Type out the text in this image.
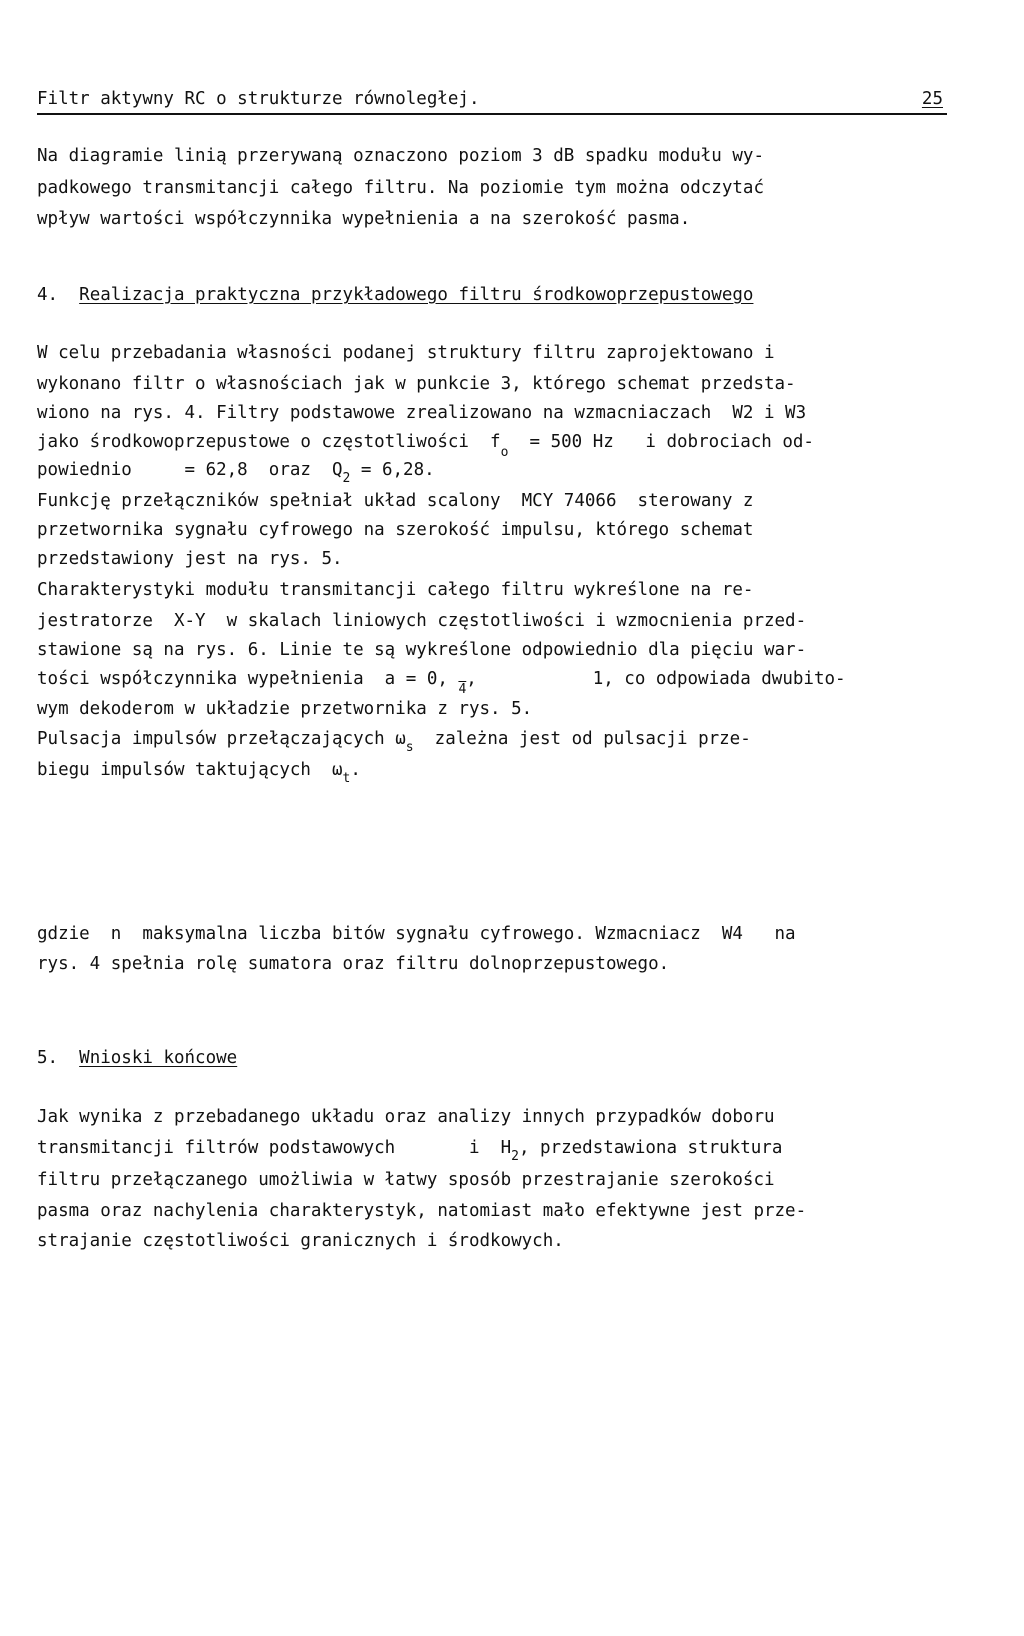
Filtr aktywny RC o strukturze równoległej.	25
Na diagramie linią przerywaną oznaczono poziom 3 dB spadku modułu wy-
padkowego transmitancji całego filtru. Na poziomie tym można odczytać
wpływ wartości współczynnika wypełnienia a na szerokość pasma.
4. Realizacja praktyczna przykładowego filtru środkowoprzepustowego
W celu przebadania własności podanej struktury filtru zaprojektowano i
wykonano filtr o własnościach jak w punkcie 3, którego schemat przedsta-
wiono na rys. 4. Filtry podstawowe zrealizowano na wzmacniaczach  W2 i W3
jako środkowoprzepustowe o częstotliwości  $f_o = 500$ Hz   i dobrociach od-
powiednio     = 62,8  oraz  $Q_2 = 6,28$.
Funkcję przełączników spełniał układ scalony  MCY 74066  sterowany z
przetwornika sygnału cyfrowego na szerokość impulsu, którego schemat
przedstawiony jest na rys. 5.
Charakterystyki modułu transmitancji całego filtru wykreślone na re-
jestratorze  X-Y  w skalach liniowych częstotliwości i wzmocnienia przed-
stawione są na rys. 6. Linie te są wykreślone odpowiednio dla pięciu war-
tości współczynnika wypełnienia  a = 0, 4,           1, co odpowiada dwubito-
wym dekoderom w układzie przetwornika z rys. 5.
Pulsacja impulsów przełączających $\omega_s$  zależna jest od pulsacji prze-
biegu impulsów taktujących  $\omega_t$.
gdzie  n  maksymalna liczba bitów sygnału cyfrowego. Wzmacniacz  W4   na
rys. 4 spełnia rolę sumatora oraz filtru dolnoprzepustowego.
5. Wnioski końcowe
Jak wynika z przebadanego układu oraz analizy innych przypadków doboru
transmitancji filtrów podstawowych       i  $H_2$, przedstawiona struktura
filtru przełączanego umożliwia w łatwy sposób przestrajanie szerokości
pasma oraz nachylenia charakterystyk, natomiast mało efektywne jest prze-
strajanie częstotliwości granicznych i środkowych.
